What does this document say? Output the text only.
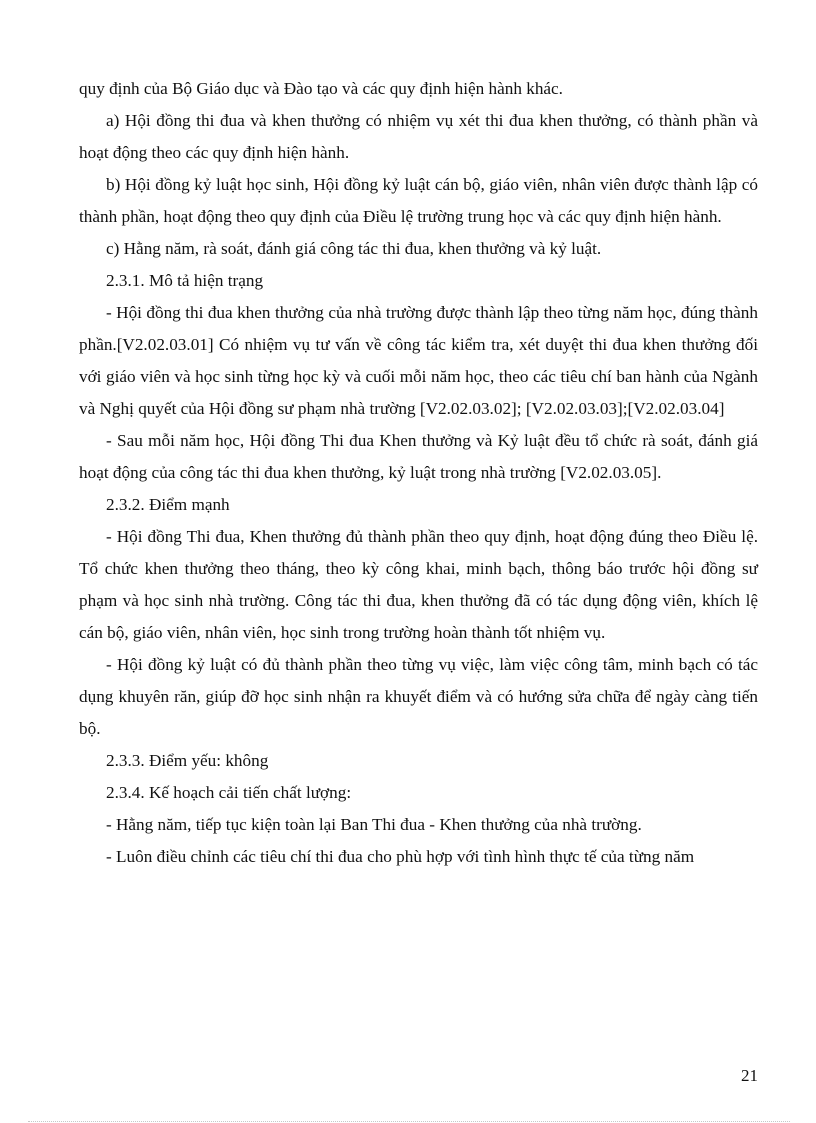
quy định của Bộ Giáo dục và Đào tạo và các quy định hiện hành khác.

a) Hội đồng thi đua và khen thưởng có nhiệm vụ xét thi đua khen thưởng, có thành phần và hoạt động theo các quy định hiện hành.

b) Hội đồng kỷ luật học sinh, Hội đồng kỷ luật cán bộ, giáo viên, nhân viên được thành lập có thành phần, hoạt động theo quy định của Điều lệ trường trung học và các quy định hiện hành.

c) Hằng năm, rà soát, đánh giá công tác thi đua, khen thưởng và kỷ luật.

2.3.1. Mô tả hiện trạng

- Hội đồng thi đua khen thưởng của nhà trường được thành lập theo từng năm học, đúng thành phần.[V2.02.03.01] Có nhiệm vụ tư vấn về công tác kiểm tra, xét duyệt thi đua khen thưởng đối với giáo viên và học sinh từng học kỳ và cuối mỗi năm học, theo các tiêu chí ban hành của Ngành và Nghị quyết của Hội đồng sư phạm nhà trường [V2.02.03.02]; [V2.02.03.03];[V2.02.03.04]

- Sau mỗi năm học, Hội đồng Thi đua Khen thưởng và Kỷ luật đều tổ chức rà soát, đánh giá hoạt động của công tác thi đua khen thưởng, kỷ luật trong nhà trường [V2.02.03.05].

2.3.2. Điểm mạnh

- Hội đồng Thi đua, Khen thưởng đủ thành phần theo quy định, hoạt động đúng theo Điều lệ. Tổ chức khen thưởng theo tháng, theo kỳ công khai, minh bạch, thông báo trước hội đồng sư phạm và học sinh nhà trường. Công tác thi đua, khen thưởng đã có tác dụng động viên, khích lệ cán bộ, giáo viên, nhân viên, học sinh trong trường hoàn thành tốt nhiệm vụ.

- Hội đồng kỷ luật có đủ thành phần theo từng vụ việc, làm việc công tâm, minh bạch có tác dụng khuyên răn, giúp đỡ học sinh nhận ra khuyết điểm và có hướng sửa chữa để ngày càng tiến bộ.

2.3.3. Điểm yếu: không

2.3.4. Kế hoạch cải tiến chất lượng:

- Hằng năm, tiếp tục kiện toàn lại Ban Thi đua - Khen thưởng của nhà trường.

- Luôn điều chỉnh các tiêu chí thi đua cho phù hợp với tình hình thực tế của từng năm

21
